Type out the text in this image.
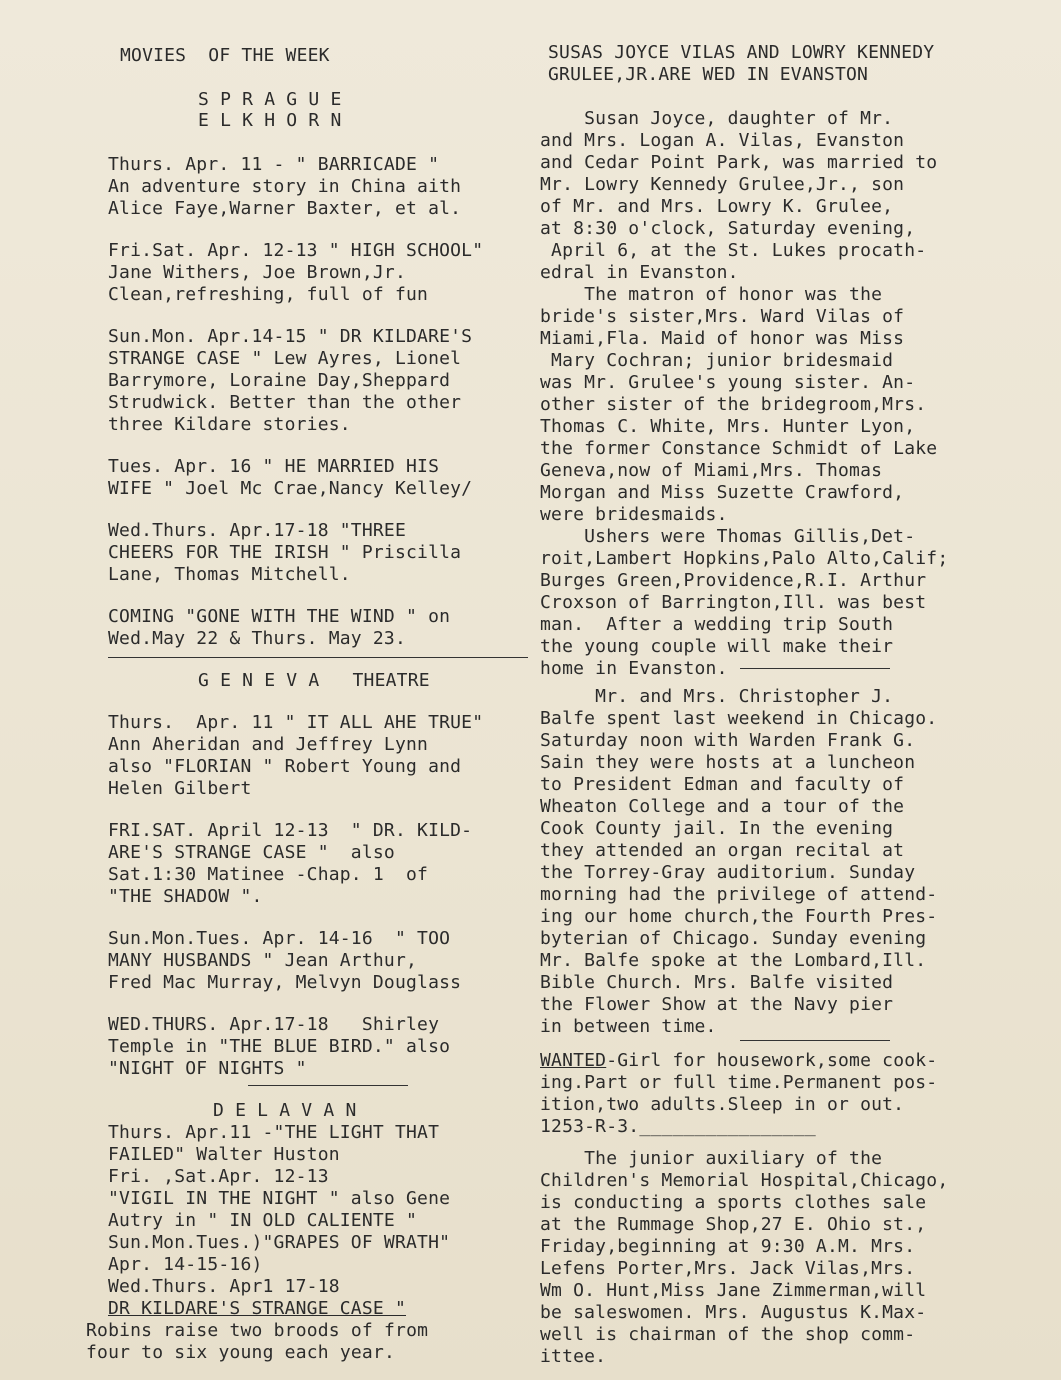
MOVIES  OF THE WEEK
S P R A G U E
E L K H O R N
Thurs. Apr. 11 - " BARRICADE "
An adventure story in China aith
Alice Faye,Warner Baxter, et al.
Fri.Sat. Apr. 12-13 " HIGH SCHOOL"
Jane Withers, Joe Brown,Jr.
Clean,refreshing, full of fun
Sun.Mon. Apr.14-15 " DR KILDARE'S
STRANGE CASE " Lew Ayres, Lionel
Barrymore, Loraine Day,Sheppard
Strudwick. Better than the other
three Kildare stories.
Tues. Apr. 16 " HE MARRIED HIS
WIFE " Joel Mc Crae,Nancy Kelley/
Wed.Thurs. Apr.17-18 "THREE
CHEERS FOR THE IRISH " Priscilla
Lane, Thomas Mitchell.
COMING "GONE WITH THE WIND " on
Wed.May 22 & Thurs. May 23.
G E N E V A   THEATRE
Thurs.  Apr. 11 " IT ALL AHE TRUE"
Ann Aheridan and Jeffrey Lynn
also "FLORIAN " Robert Young and
Helen Gilbert
FRI.SAT. April 12-13  " DR. KILD-
ARE'S STRANGE CASE "  also
Sat.1:30 Matinee -Chap. 1  of
"THE SHADOW ".
Sun.Mon.Tues. Apr. 14-16  " TOO
MANY HUSBANDS " Jean Arthur,
Fred Mac Murray, Melvyn Douglass
WED.THURS. Apr.17-18   Shirley
Temple in "THE BLUE BIRD." also
"NIGHT OF NIGHTS "
D E L A V A N
Thurs. Apr.11 -"THE LIGHT THAT
FAILED" Walter Huston
Fri. ,Sat.Apr. 12-13
"VIGIL IN THE NIGHT " also Gene
Autry in " IN OLD CALIENTE "
Sun.Mon.Tues.)"GRAPES OF WRATH"
Apr. 14-15-16)
Wed.Thurs. Apr1 17-18
DR KILDARE'S STRANGE CASE "
Robins raise two broods of from
four to six young each year.
SUSAS JOYCE VILAS AND LOWRY KENNEDY
GRULEE,JR.ARE WED IN EVANSTON
Susan Joyce, daughter of Mr.
and Mrs. Logan A. Vilas, Evanston
and Cedar Point Park, was married to
Mr. Lowry Kennedy Grulee,Jr., son
of Mr. and Mrs. Lowry K. Grulee,
at 8:30 o'clock, Saturday evening,
April 6, at the St. Lukes procath-
edral in Evanston.
The matron of honor was the
bride's sister,Mrs. Ward Vilas of
Miami,Fla. Maid of honor was Miss
Mary Cochran; junior bridesmaid
was Mr. Grulee's young sister. An-
other sister of the bridegroom,Mrs.
Thomas C. White, Mrs. Hunter Lyon,
the former Constance Schmidt of Lake
Geneva,now of Miami,Mrs. Thomas
Morgan and Miss Suzette Crawford,
were bridesmaids.
Ushers were Thomas Gillis,Det-
roit,Lambert Hopkins,Palo Alto,Calif;
Burges Green,Providence,R.I. Arthur
Croxson of Barrington,Ill. was best
man.  After a wedding trip South
the young couple will make their
home in Evanston.
Mr. and Mrs. Christopher J.
Balfe spent last weekend in Chicago.
Saturday noon with Warden Frank G.
Sain they were hosts at a luncheon
to President Edman and faculty of
Wheaton College and a tour of the
Cook County jail. In the evening
they attended an organ recital at
the Torrey-Gray auditorium. Sunday
morning had the privilege of attend-
ing our home church,the Fourth Pres-
byterian of Chicago. Sunday evening
Mr. Balfe spoke at the Lombard,Ill.
Bible Church. Mrs. Balfe visited
the Flower Show at the Navy pier
in between time.
WANTED-Girl for housework,some cook-
ing.Part or full time.Permanent pos-
ition,two adults.Sleep in or out.
1253-R-3.________________
The junior auxiliary of the
Children's Memorial Hospital,Chicago,
is conducting a sports clothes sale
at the Rummage Shop,27 E. Ohio st.,
Friday,beginning at 9:30 A.M. Mrs.
Lefens Porter,Mrs. Jack Vilas,Mrs.
Wm O. Hunt,Miss Jane Zimmerman,will
be saleswomen. Mrs. Augustus K.Max-
well is chairman of the shop comm-
ittee.
